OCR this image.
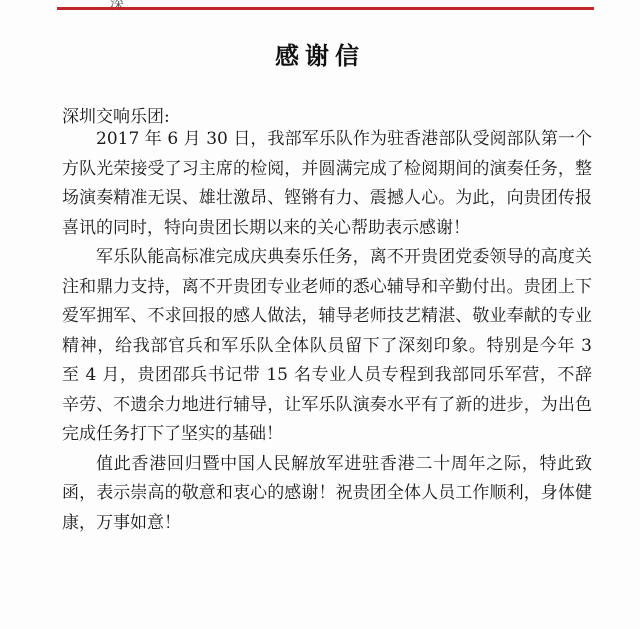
感谢信
深圳交响乐团:

2017 年 6 月 30 日，我部军乐队作为驻香港部队受阅部队第一个方队光荣接受了习主席的检阅，并圆满完成了检阅期间的演奏任务，整场演奏精准无误、雄壮激昂、铿锵有力、震撼人心。为此，向贵团传报喜讯的同时，特向贵团长期以来的关心帮助表示感谢！

军乐队能高标准完成庆典奏乐任务，离不开贵团党委领导的高度关注和鼎力支持，离不开贵团专业老师的悉心辅导和辛勤付出。贵团上下爱军拥军、不求回报的感人做法，辅导老师技艺精湛、敬业奉献的专业精神，给我部官兵和军乐队全体队员留下了深刻印象。特别是今年 3 至 4 月，贵团邵兵书记带 15 名专业人员专程到我部同乐军营，不辞辛劳、不遗余力地进行辅导，让军乐队演奏水平有了新的进步，为出色完成任务打下了坚实的基础！

值此香港回归暨中国人民解放军进驻香港二十周年之际，特此致函，表示崇高的敬意和衷心的感谢！祝贵团全体人员工作顺利，身体健康，万事如意！
